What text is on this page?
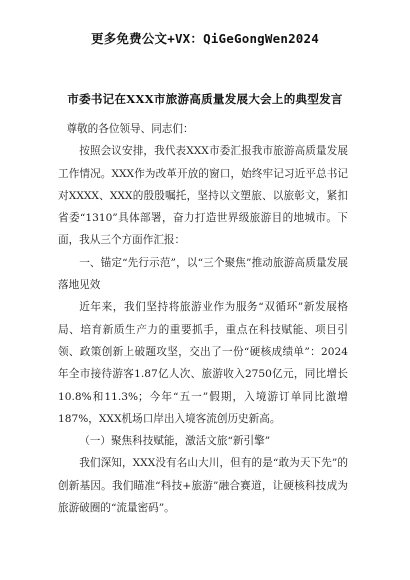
更多免费公文+VX：QiGeGongWen2024
市委书记在XXX市旅游高质量发展大会上的典型发言

尊敬的各位领导、同志们：

按照会议安排，我代表XXX市委汇报我市旅游高质量发展工作情况。XXX作为改革开放的窗口，始终牢记习近平总书记对XXXX、XXX的殷殷嘱托，坚持以文塑旅、以旅彰文，紧扣省委“1310”具体部署，奋力打造世界级旅游目的地城市。下面，我从三个方面作汇报：

一、锚定“先行示范”，以“三个聚焦”推动旅游高质量发展落地见效

近年来，我们坚持将旅游业作为服务“双循环”新发展格局、培育新质生产力的重要抓手，重点在科技赋能、项目引领、政策创新上破题攻坚，交出了一份“硬核成绩单”：2024年全市接待游客1.87亿人次、旅游收入2750亿元，同比增长10.8%和11.3%；今年“五一”假期，入境游订单同比激增187%，XXX机场口岸出入境客流创历史新高。

（一）聚焦科技赋能，激活文旅“新引擎”

我们深知，XXX没有名山大川，但有的是“敢为天下先”的创新基因。我们瞄准“科技+旅游”融合赛道，让硬核科技成为旅游破圈的“流量密码”。
